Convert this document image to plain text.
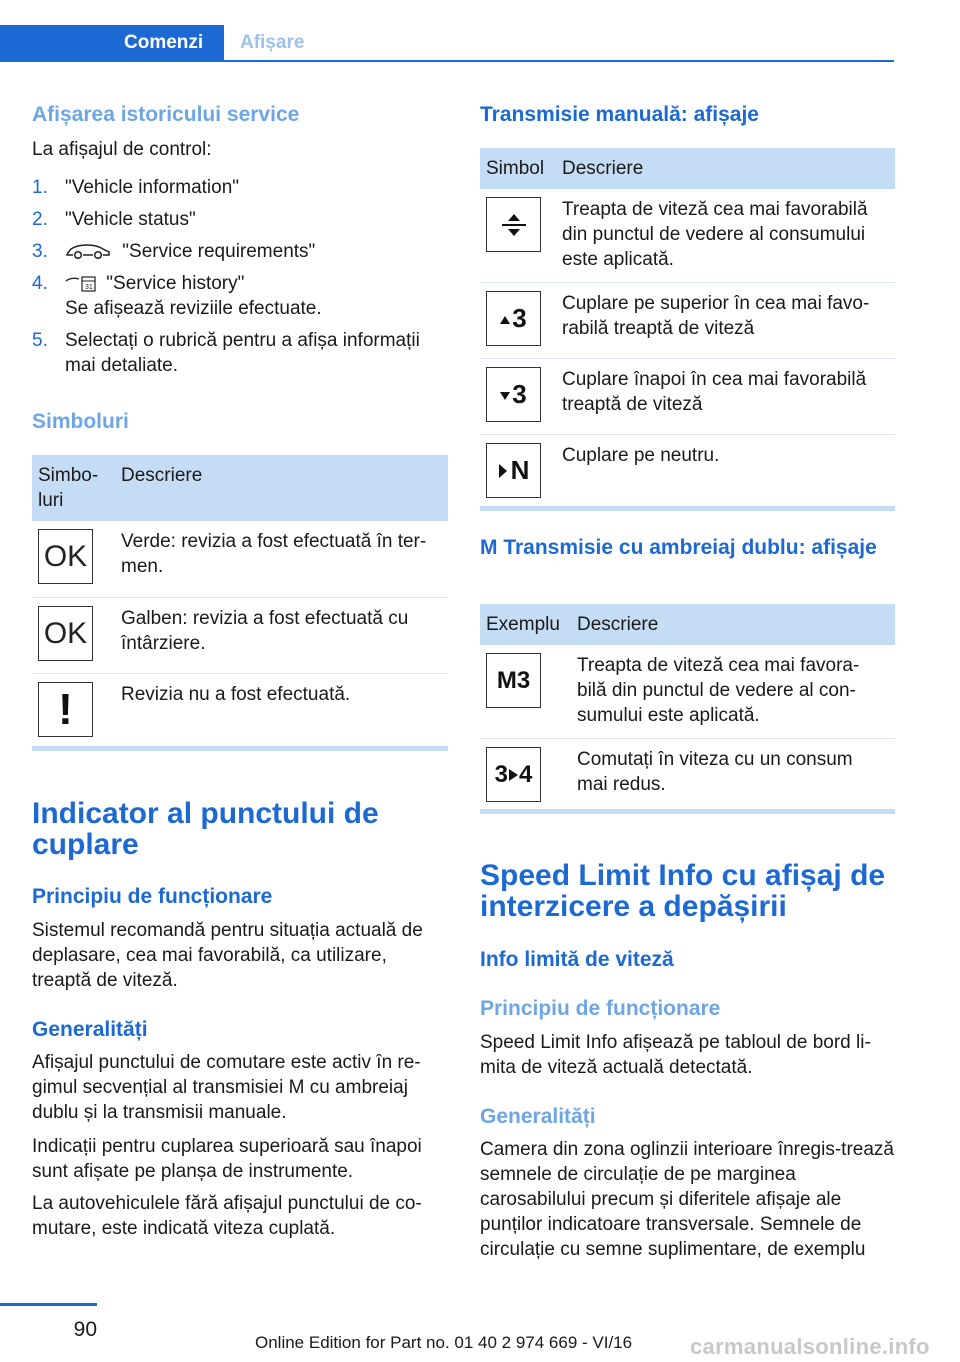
Comenzi	Afișare
Afișarea istoricului service
La afișajul de control:
1. "Vehicle information"
2. "Vehicle status"
3.	"Service requirements"
4.	31 "Service history"
Se afișează reviziile efectuate.
5. Selectați o rubrică pentru a afișa informații mai detaliate.
Simboluri
Simbo-
luri	Descriere

OK	Verde: revizia a fost efectuată în ter-
men.

OK	Galben: revizia a fost efectuată cu
întârziere.

!	Revizia nu a fost efectuată.
Indicator al punctului de cuplare
Principiu de funcționare
Sistemul recomandă pentru situația actuală de deplasare, cea mai favorabilă, ca utilizare, treaptă de viteză.
Generalități
Afișajul punctului de comutare este activ în re-gimul secvențial al transmisiei M cu ambreiaj dublu și la transmisii manuale.
Indicații pentru cuplarea superioară sau înapoi sunt afișate pe planșa de instrumente.
La autovehiculele fără afișajul punctului de co-mutare, este indicată viteza cuplată.
Transmisie manuală: afișaje
Simbol	Descriere

	Treapta de viteză cea mai favorabilă din punctul de vedere al consumului este aplicată.

3	Cuplare pe superior în cea mai favo-
rabilă treaptă de viteză

3	Cuplare înapoi în cea mai favorabilă
treaptă de viteză

N	Cuplare pe neutru.
M Transmisie cu ambreiaj dublu: afișaje
Exemplu	Descriere

M3	Treapta de viteză cea mai favora-
bilă din punctul de vedere al con-
sumului este aplicată.

3 4	Comutați în viteza cu un consum
mai redus.
Speed Limit Info cu afișaj de interzicere a depășirii
Info limită de viteză
Principiu de funcționare
Speed Limit Info afișează pe tabloul de bord li-mita de viteză actuală detectată.
Generalități
Camera din zona oglinzii interioare înregis-trează semnele de circulație de pe marginea carosabilului precum și diferitele afișaje ale punților indicatoare transversale. Semnele de circulație cu semne suplimentare, de exemplu
90
Online Edition for Part no. 01 40 2 974 669 - VI/16	carmanualsonline.info
